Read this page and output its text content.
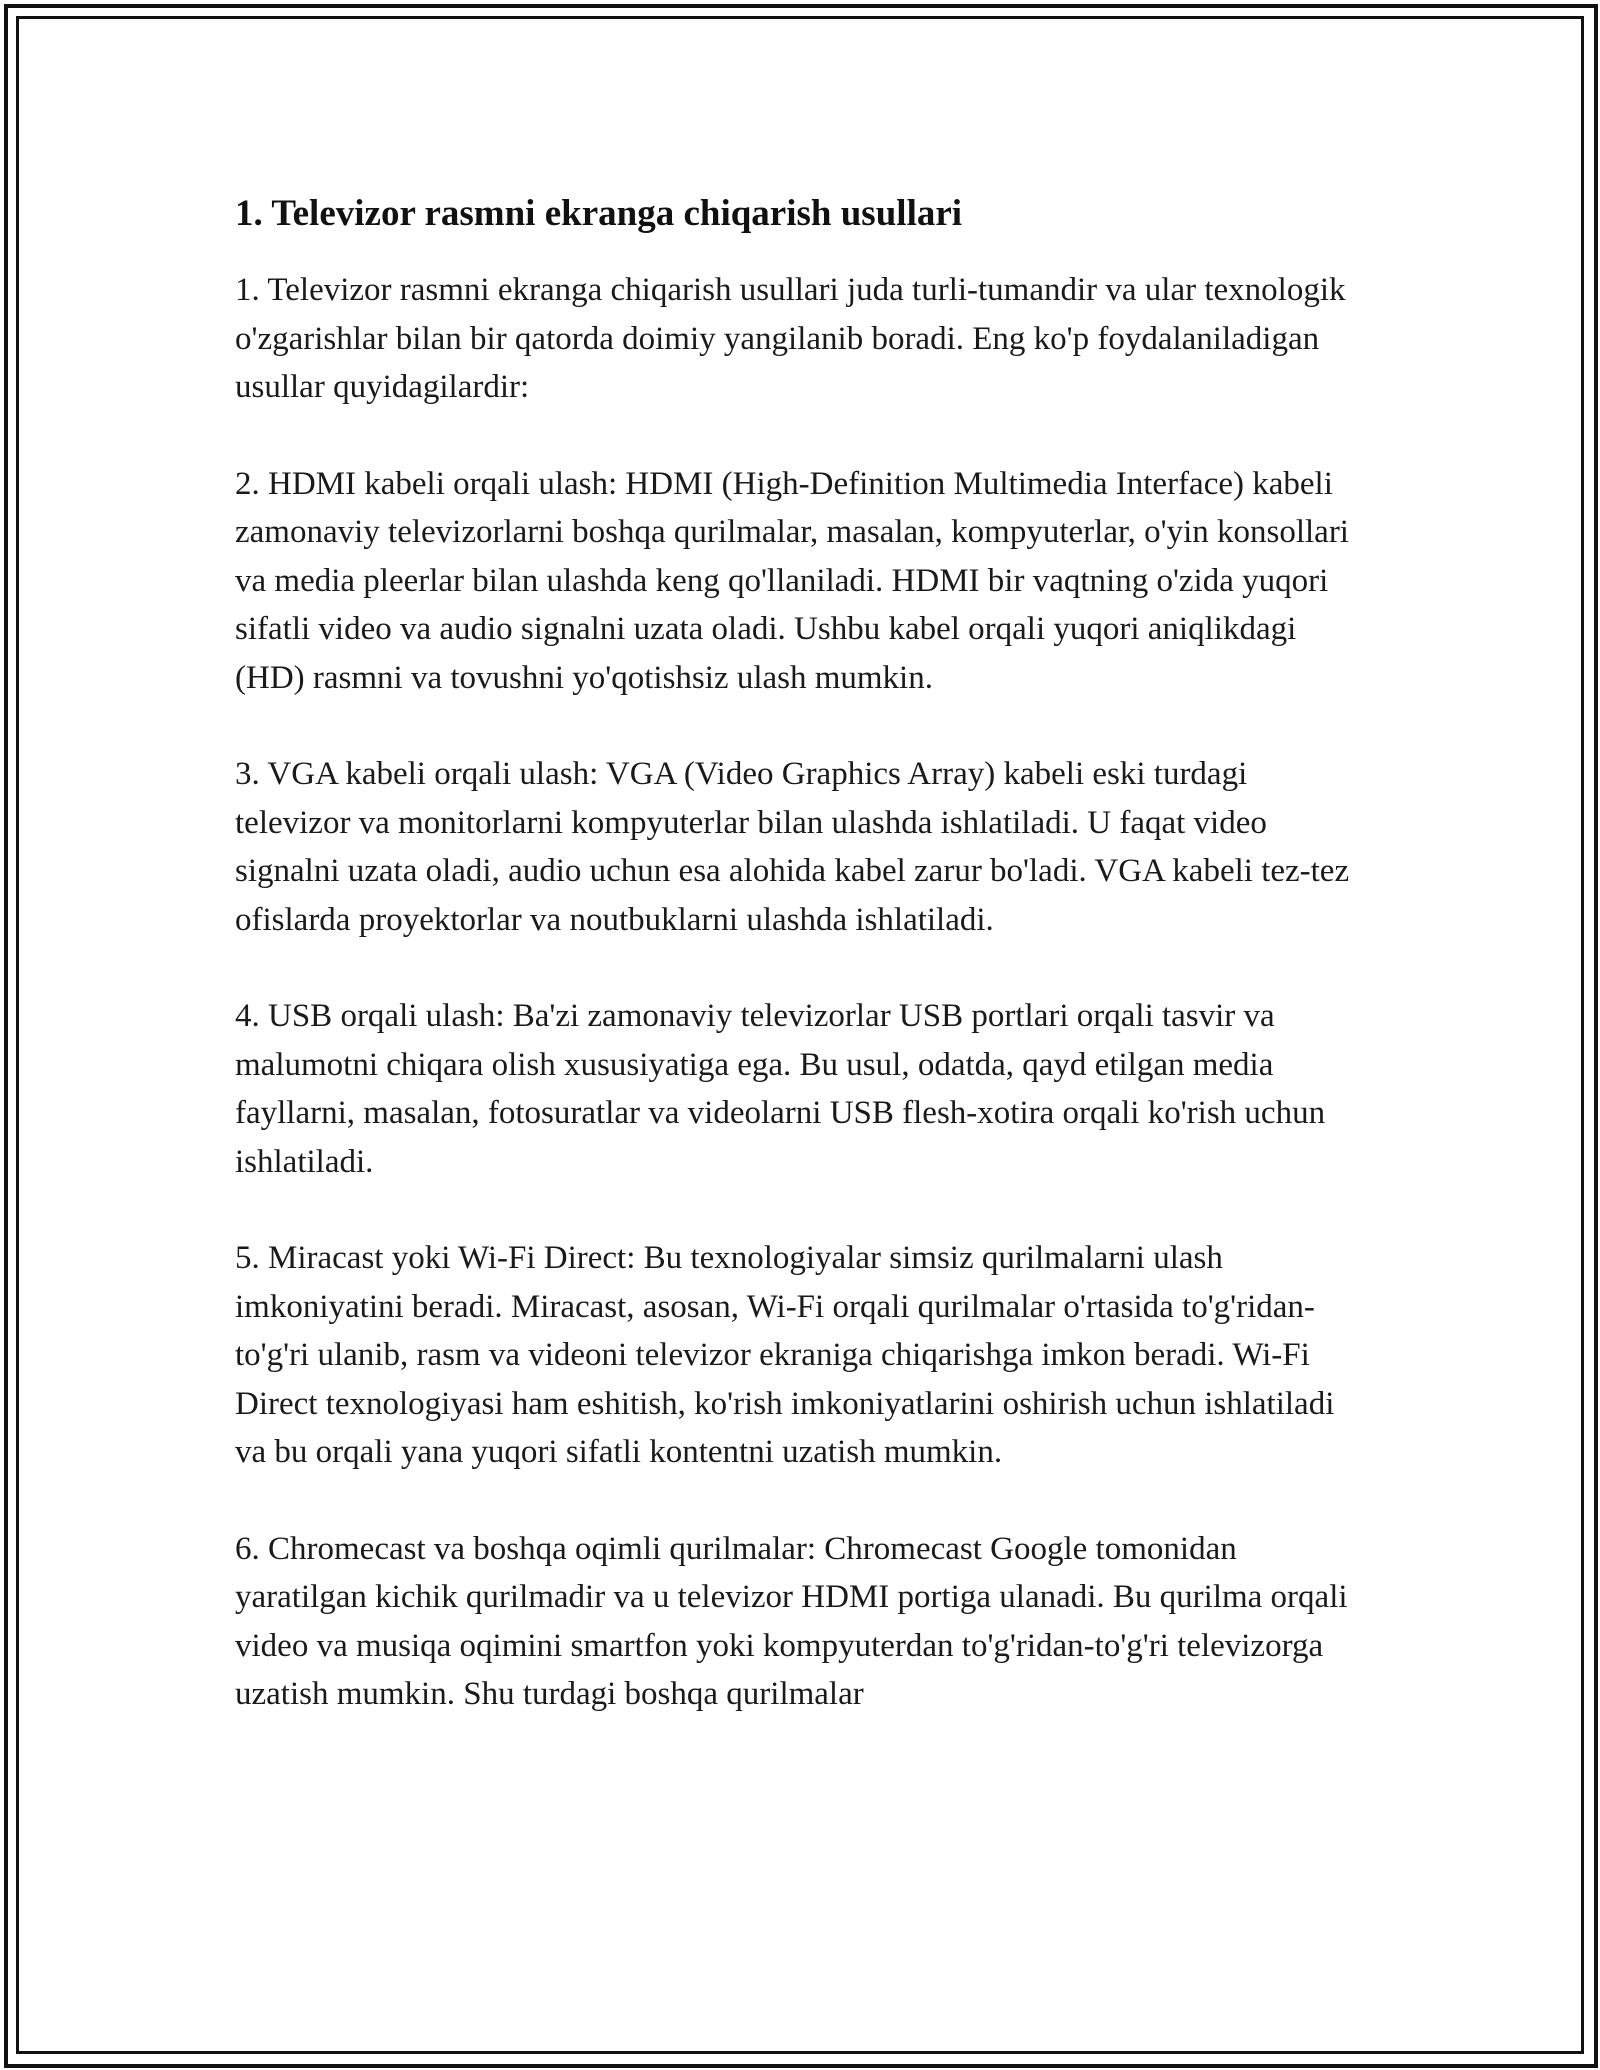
1. Televizor rasmni ekranga chiqarish usullari

1. Televizor rasmni ekranga chiqarish usullari juda turli-tumandir va ular texnologik o'zgarishlar bilan bir qatorda doimiy yangilanib boradi. Eng ko'p foydalaniladigan usullar quyidagilardir:

2. HDMI kabeli orqali ulash: HDMI (High-Definition Multimedia Interface) kabeli zamonaviy televizorlarni boshqa qurilmalar, masalan, kompyuterlar, o'yin konsollari va media pleerlar bilan ulashda keng qo'llaniladi. HDMI bir vaqtning o'zida yuqori sifatli video va audio signalni uzata oladi. Ushbu kabel orqali yuqori aniqlikdagi (HD) rasmni va tovushni yo'qotishsiz ulash mumkin.

3. VGA kabeli orqali ulash: VGA (Video Graphics Array) kabeli eski turdagi televizor va monitorlarni kompyuterlar bilan ulashda ishlatiladi. U faqat video signalni uzata oladi, audio uchun esa alohida kabel zarur bo'ladi. VGA kabeli tez-tez ofislarda proyektorlar va noutbuklarni ulashda ishlatiladi.

4. USB orqali ulash: Ba'zi zamonaviy televizorlar USB portlari orqali tasvir va malumotni chiqara olish xususiyatiga ega. Bu usul, odatda, qayd etilgan media fayllarni, masalan, fotosuratlar va videolarni USB flesh-xotira orqali ko'rish uchun ishlatiladi.

5. Miracast yoki Wi-Fi Direct: Bu texnologiyalar simsiz qurilmalarni ulash imkoniyatini beradi. Miracast, asosan, Wi-Fi orqali qurilmalar o'rtasida to'g'ridan-to'g'ri ulanib, rasm va videoni televizor ekraniga chiqarishga imkon beradi. Wi-Fi Direct texnologiyasi ham eshitish, ko'rish imkoniyatlarini oshirish uchun ishlatiladi va bu orqali yana yuqori sifatli kontentni uzatish mumkin.

6. Chromecast va boshqa oqimli qurilmalar: Chromecast Google tomonidan yaratilgan kichik qurilmadir va u televizor HDMI portiga ulanadi. Bu qurilma orqali video va musiqa oqimini smartfon yoki kompyuterdan to'g'ridan-to'g'ri televizorga uzatish mumkin. Shu turdagi boshqa qurilmalar
